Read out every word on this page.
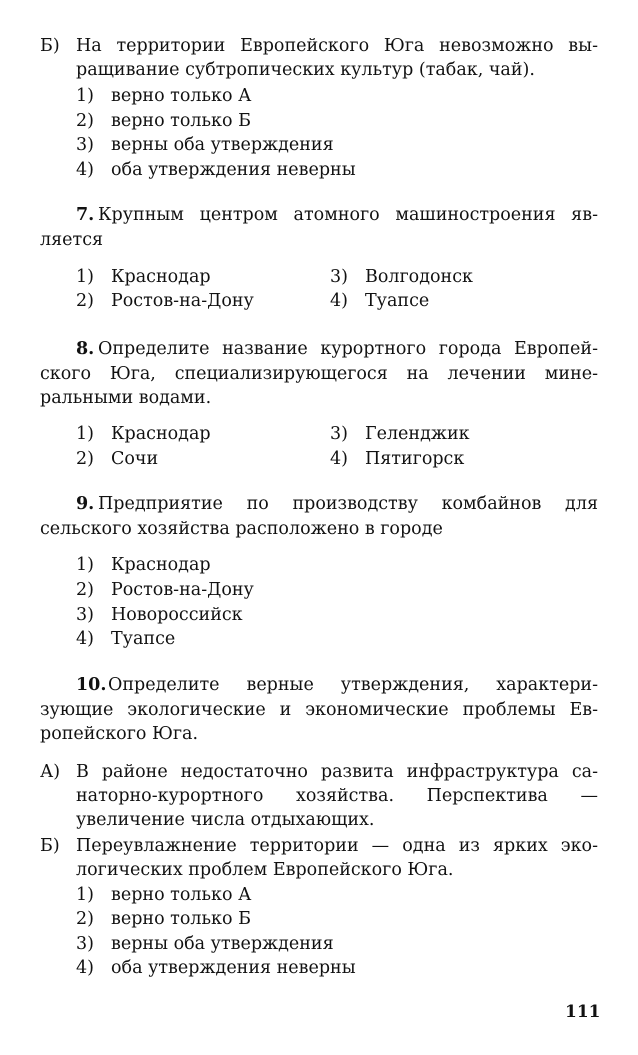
Б) На территории Европейского Юга невозможно вы-
ращивание субтропических культур (табак, чай).
1) верно только А
2) верно только Б
3) верны оба утверждения
4) оба утверждения неверны
7. Крупным центром атомного машиностроения яв-
ляется
1) Краснодар
2) Ростов-на-Дону
3) Волгодонск
4) Туапсе
8. Определите название курортного города Европей-
ского Юга, специализирующегося на лечении мине-
ральными водами.
1) Краснодар
2) Сочи
3) Геленджик
4) Пятигорск
9. Предприятие по производству комбайнов для
сельского хозяйства расположено в городе
1) Краснодар
2) Ростов-на-Дону
3) Новороссийск
4) Туапсе
10. Определите верные утверждения, характери-
зующие экологические и экономические проблемы Ев-
ропейского Юга.
А) В районе недостаточно развита инфраструктура са-
наторно-курортного хозяйства. Перспектива —
увеличение числа отдыхающих.
Б) Переувлажнение территории — одна из ярких эко-
логических проблем Европейского Юга.
1) верно только А
2) верно только Б
3) верны оба утверждения
4) оба утверждения неверны
111
